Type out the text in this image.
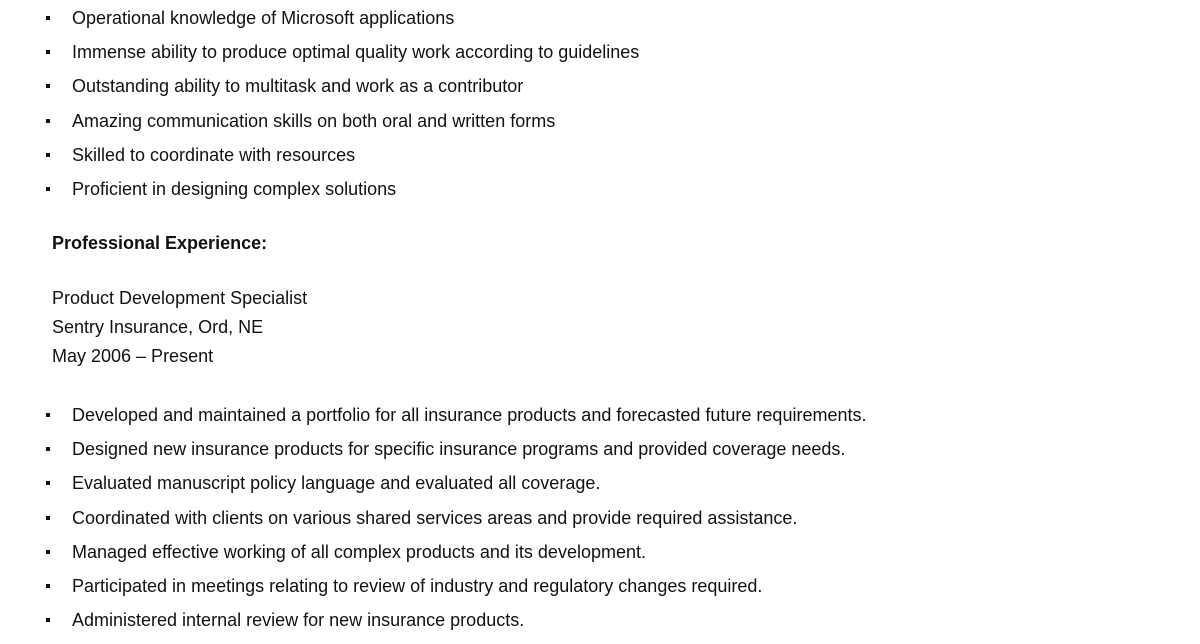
Operational knowledge of Microsoft applications
Immense ability to produce optimal quality work according to guidelines
Outstanding ability to multitask and work as a contributor
Amazing communication skills on both oral and written forms
Skilled to coordinate with resources
Proficient in designing complex solutions
Professional Experience:
Product Development Specialist
Sentry Insurance, Ord, NE
May 2006 – Present
Developed and maintained a portfolio for all insurance products and forecasted future requirements.
Designed new insurance products for specific insurance programs and provided coverage needs.
Evaluated manuscript policy language and evaluated all coverage.
Coordinated with clients on various shared services areas and provide required assistance.
Managed effective working of all complex products and its development.
Participated in meetings relating to review of industry and regulatory changes required.
Administered internal review for new insurance products.
